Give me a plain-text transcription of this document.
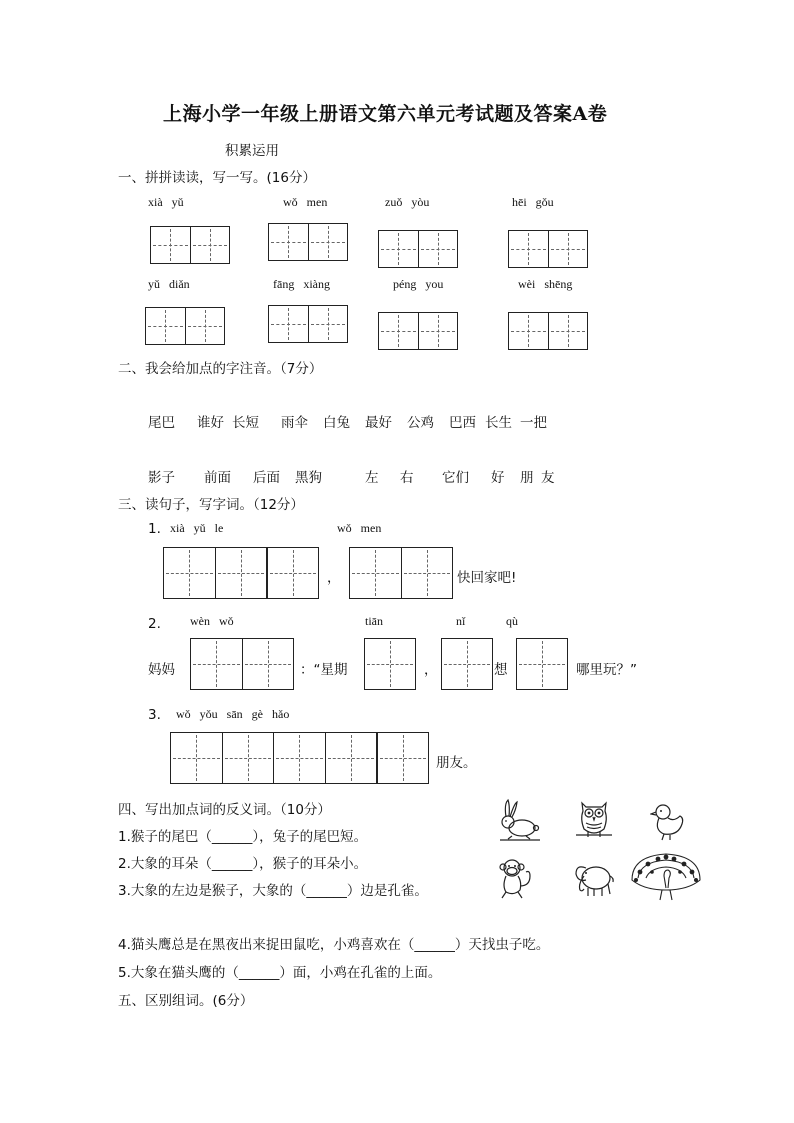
上海小学一年级上册语文第六单元考试题及答案A卷
积累运用
一、拼拼读读，写一写。(16分）
xià yǔ	wǒ men	zuǒ yòu	hēi gǒu
yǔ diǎn	fāng xiàng	péng you	wèi shēng
二、我会给加点的字注音。（7分）
尾巴 谁好 长短 雨伞 白兔 最好 公鸡 巴西 长生 一把
影子 前面 后面 黑狗	左 右 它们 好 朋 友
三、读句子，写字词。（12分）
1. xià yǔ le	wǒ men
，	快回家吧!
2. wèn wǒ	tiān	nǐ	qù
妈妈	：“星期	，	想	哪里玩？”
3. wǒ yǒu sān gè hǎo
朋友。
四、写出加点词的反义词。（10分）
1.猴子的尾巴（______），兔子的尾巴短。
2.大象的耳朵（______），猴子的耳朵小。
3.大象的左边是猴子，大象的（______）边是孔雀。
4.猫头鹰总是在黑夜出来捉田鼠吃，小鸡喜欢在（______）天找虫子吃。
5.大象在猫头鹰的（______）面，小鸡在孔雀的上面。
五、区别组词。(6分）
